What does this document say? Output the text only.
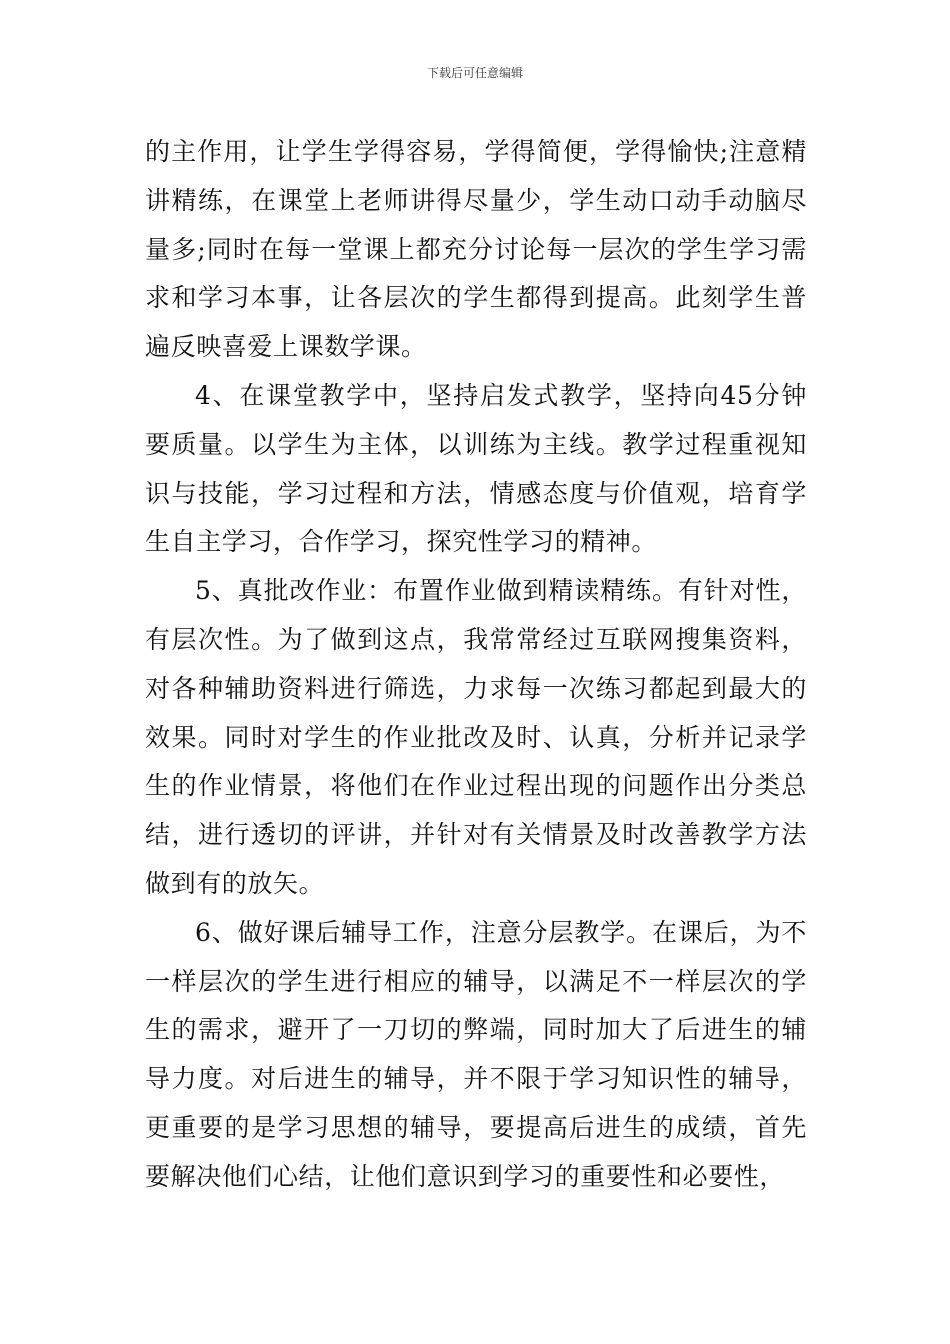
下载后可任意编辑

的主作用，让学生学得容易，学得简便，学得愉快;注意精讲精练，在课堂上老师讲得尽量少，学生动口动手动脑尽量多;同时在每一堂课上都充分讨论每一层次的学生学习需求和学习本事，让各层次的学生都得到提高。此刻学生普遍反映喜爱上课数学课。

4、在课堂教学中，坚持启发式教学，坚持向45分钟要质量。以学生为主体，以训练为主线。教学过程重视知识与技能，学习过程和方法，情感态度与价值观，培育学生自主学习，合作学习，探究性学习的精神。

5、真批改作业：布置作业做到精读精练。有针对性，有层次性。为了做到这点，我常常经过互联网搜集资料，对各种辅助资料进行筛选，力求每一次练习都起到最大的效果。同时对学生的作业批改及时、认真，分析并记录学生的作业情景，将他们在作业过程出现的问题作出分类总结，进行透切的评讲，并针对有关情景及时改善教学方法做到有的放矢。

6、做好课后辅导工作，注意分层教学。在课后，为不一样层次的学生进行相应的辅导，以满足不一样层次的学生的需求，避开了一刀切的弊端，同时加大了后进生的辅导力度。对后进生的辅导，并不限于学习知识性的辅导，更重要的是学习思想的辅导，要提高后进生的成绩，首先要解决他们心结，让他们意识到学习的重要性和必要性，
